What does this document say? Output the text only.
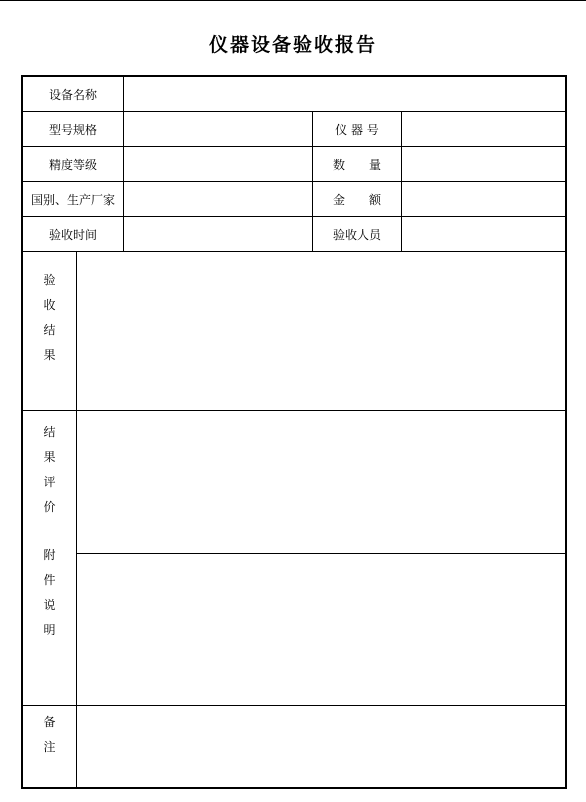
仪器设备验收报告
设备名称
型号规格	仪 器 号
精度等级	数　　量
国别、生产厂家	金　　额
验收时间	验收人员
验收结果
结果评价
附件说明
备注
